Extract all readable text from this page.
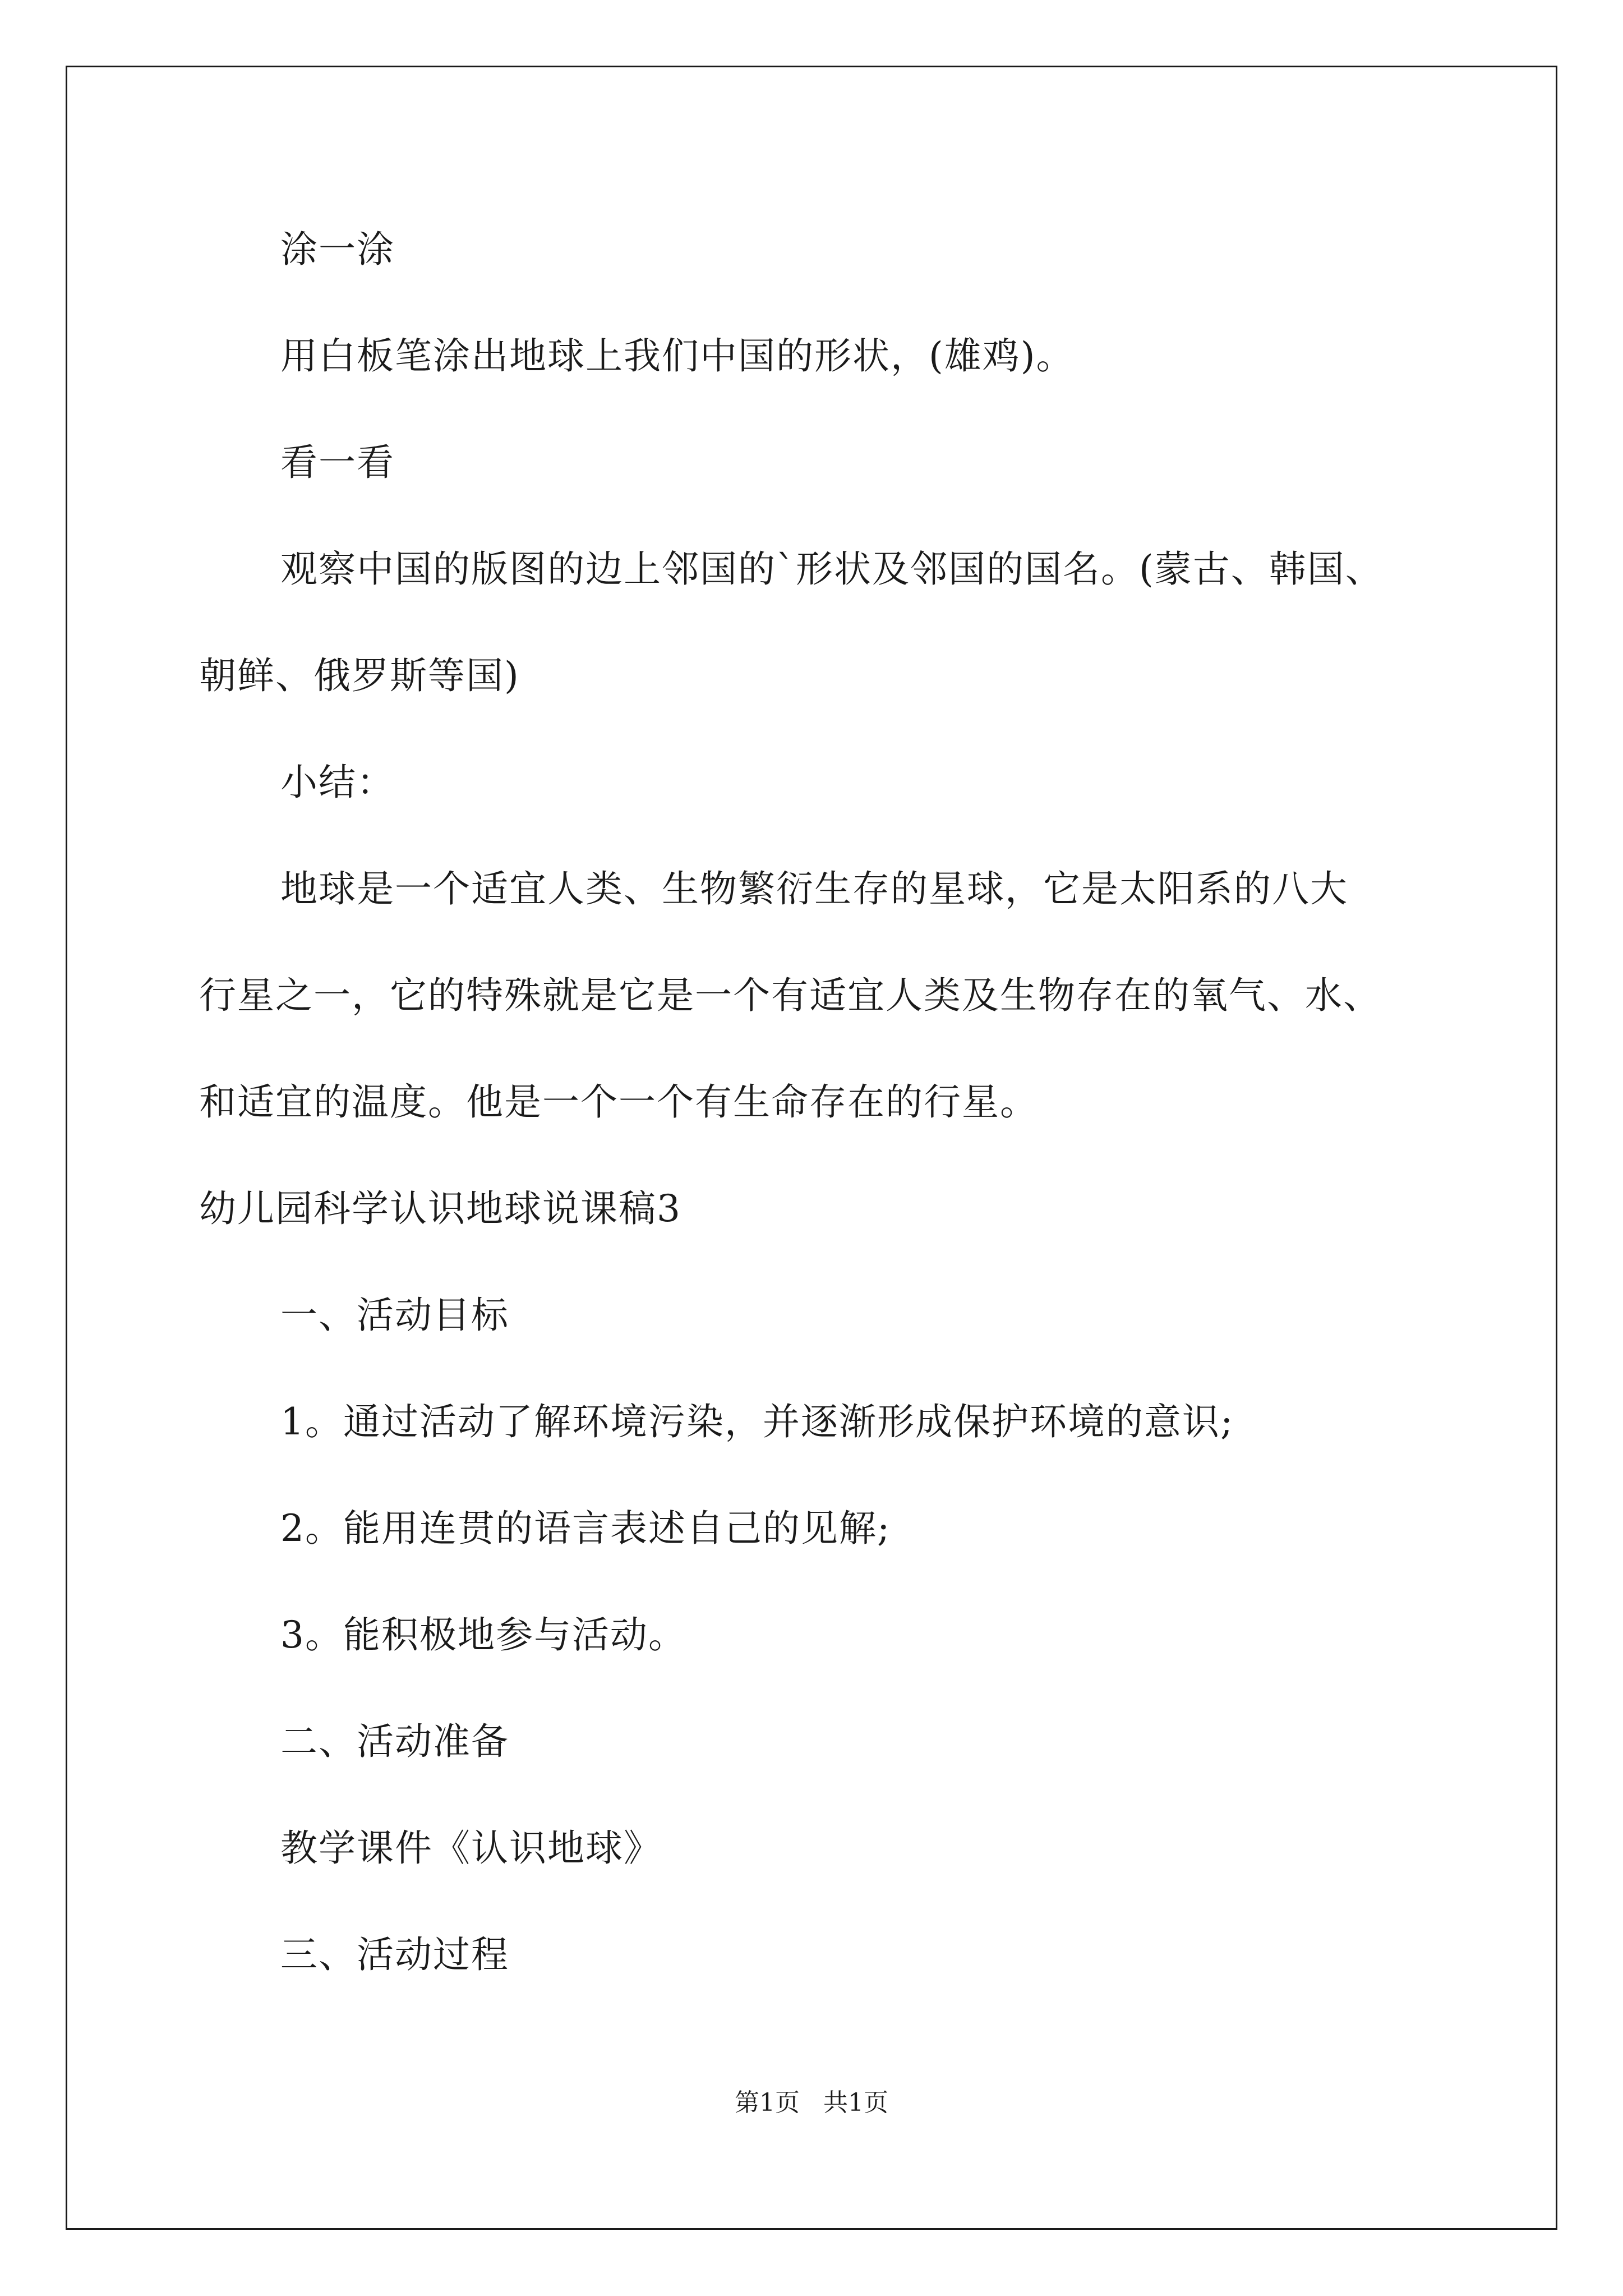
涂一涂

用白板笔涂出地球上我们中国的形状，(雄鸡)。

看一看

观察中国的版图的边上邻国的`形状及邻国的国名。(蒙古、韩国、

朝鲜、俄罗斯等国)

小结：

地球是一个适宜人类、生物繁衍生存的星球，它是太阳系的八大

行星之一，它的特殊就是它是一个有适宜人类及生物存在的氧气、水、

和适宜的温度。他是一个一个有生命存在的行星。

幼儿园科学认识地球说课稿3

一、活动目标

1。通过活动了解环境污染，并逐渐形成保护环境的意识;

2。能用连贯的语言表述自己的见解;

3。能积极地参与活动。

二、活动准备

教学课件《认识地球》

三、活动过程

第1页   共1页
